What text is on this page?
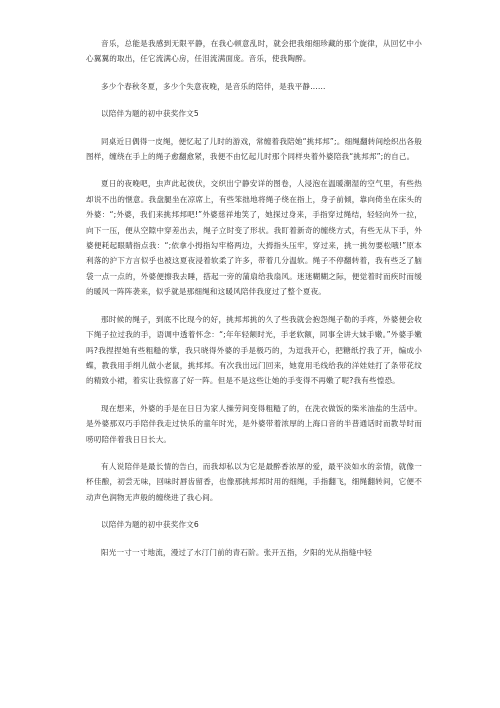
音乐，总能是我感到无限平静，在我心顿意乱时，就会把我细细珍藏的那个旋律，从回忆中小心翼翼的取出，任它流满心房，任泪流满面庞。音乐，使我陶醉。

多少个春秋冬夏，多少个失意夜晚，是音乐的陪伴，是我平静……

以陪伴为题的初中获奖作文5

同桌近日偶得一皮绳，便忆起了儿时的游戏，常缠着我陪她“挑邦邦”;。细绳翻转间绘织出各般图样，缠绕在手上的绳子愈翻愈紧，我便不由忆起儿时那个同样央着外婆陪我“挑邦邦”;的自己。

夏日的夜晚吧，虫声此起彼伏，交织出宁静安详的图卷，人浸泡在温暖潮湿的空气里，有些热却说不出的惬意。我盘腿坐在凉席上，有些笨拙地将绳子绕在指上，身子前倾，靠向倚坐在床头的外婆：“;外婆，我们来挑邦邦吧!”外婆慈祥地笑了，她探过身来，手指穿过绳结，轻轻向外一拉，向下一压，便从空隙中穿差出去，绳子立时变了形状。我盯着新奇的缠绕方式，有些无从下手，外婆便耗起眼睛指点我：“;依拿小拇指勾牢格两边，大拇指头压牢，穿过来，挑一挑勿要松哦!”原本利落的沪下方言似乎也被这夏夜浸着软柔了许多，带着几分温软。绳子不停翻转着，我有些乏了脑袋一点一点的，外婆便擦我去睡，搭起一旁的蒲扇给我扇风。迷迷糊糊之际，便觉着时而疾时而缓的暖风一阵阵袭来，似乎就是那细绳和这暖风陪伴我度过了整个夏夜。

那时候的绳子，到底不比现今的好，挑邦邦挑的久了些我就会抱怨绳子勒的手疼，外婆便会收下绳子拉过我的手，语调中透着怀念：“;年年轻额时光，手老软额，同事全讲大妹手嫩。”外婆手嫩吗?我捏捏她有些粗糙的掌，我只晓得外婆的手是极巧的，为逗我开心，把糖纸拧我了开，编成小蝶，教我用手绢儿做小老鼠，挑邦邦。有次我出远门回来，她竟用毛线给我的洋娃娃打了条带花纹的精致小裙，着实让我惊喜了好一阵。但是不是这些让她的手变得不再嫩了呢?我有些惶恐。

现在想来，外婆的手是在日日为家人操劳间变得粗糙了的，在洗衣做饭的柴米油盐的生活中。是外婆那双巧手陪伴我走过快乐的童年时光，是外婆带着浓厚的上海口音的半普通话时而教导时而唠叨陪伴着我日日长大。

有人说陪伴是最长情的告白，而我却私以为它是最醉香浓厚的爱，最平淡如水的亲情，就像一杯佳酿，初尝无味，回味时唇齿留香，也像那挑邦邦时用的细绳，手指翻飞，细绳翻转间，它便不动声色润物无声般的缠绕进了我心间。

以陪伴为题的初中获奖作文6

阳光一寸一寸地流，漫过了水汀门前的青石阶。张开五指，夕阳的光从指缝中轻
